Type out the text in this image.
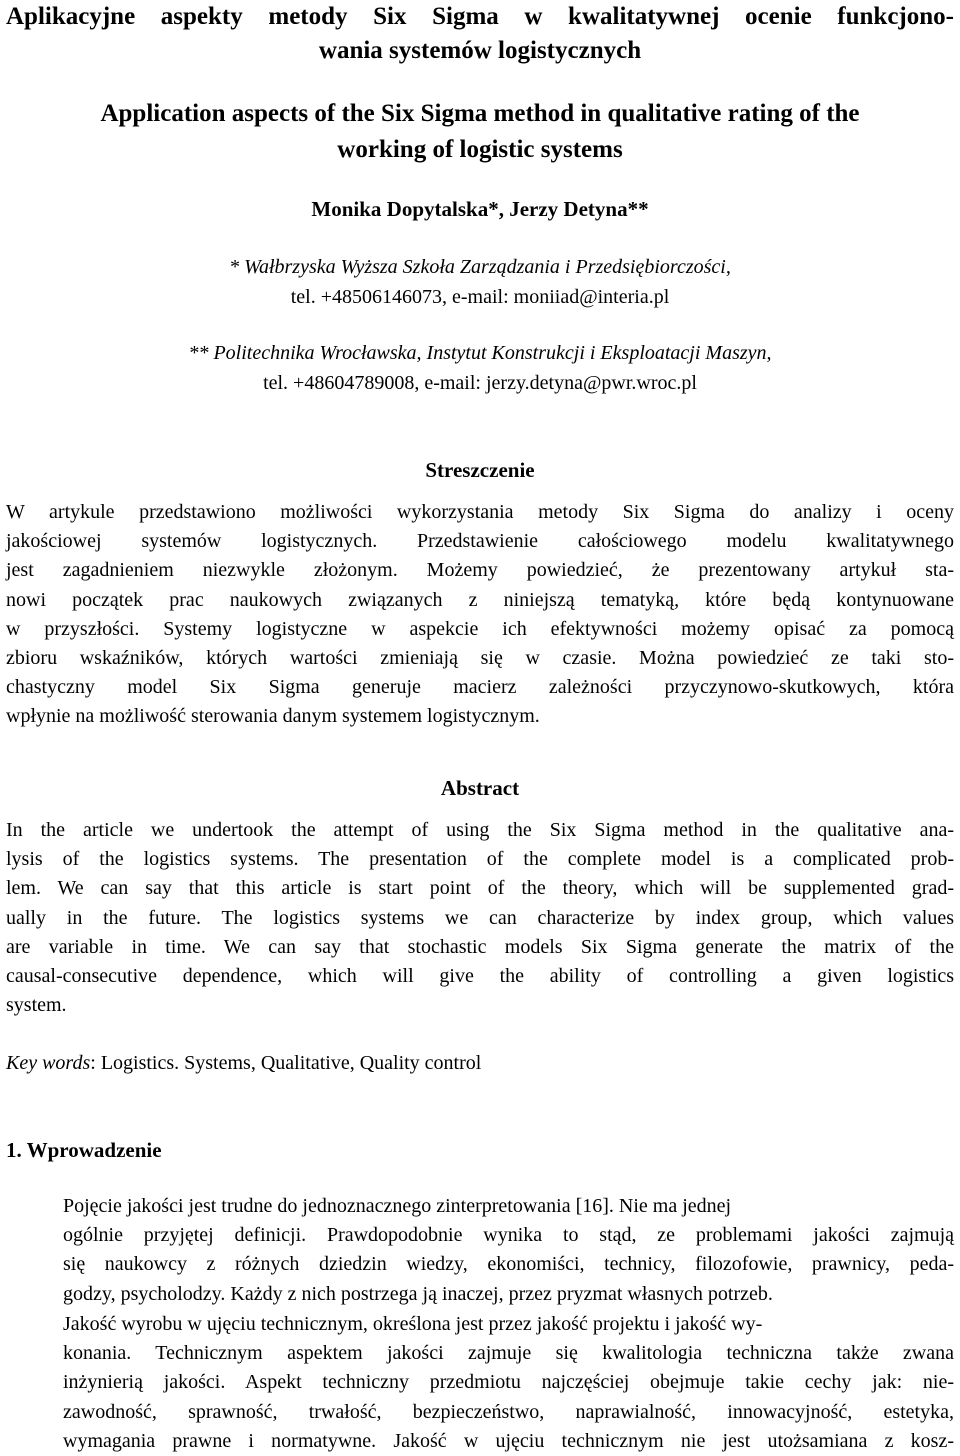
Aplikacyjne aspekty metody Six Sigma w kwalitatywnej ocenie funkcjono-
wania systemów logistycznych
Application aspects of the Six Sigma method in qualitative rating of the
working of logistic systems
Monika Dopytalska*, Jerzy Detyna**
* Wałbrzyska Wyższa Szkoła Zarządzania i Przedsiębiorczości,
tel. +48506146073, e-mail: moniiad@interia.pl
** Politechnika Wrocławska, Instytut Konstrukcji i Eksploatacji Maszyn,
tel. +48604789008, e-mail: jerzy.detyna@pwr.wroc.pl
Streszczenie

W artykule przedstawiono możliwości wykorzystania metody Six Sigma do analizy i oceny
jakościowej systemów logistycznych. Przedstawienie całościowego modelu kwalitatywnego
jest zagadnieniem niezwykle złożonym. Możemy powiedzieć, że prezentowany artykuł sta-
nowi początek prac naukowych związanych z niniejszą tematyką, które będą kontynuowane
w przyszłości. Systemy logistyczne w aspekcie ich efektywności możemy opisać za pomocą
zbioru wskaźników, których wartości zmieniają się w czasie. Można powiedzieć ze taki sto-
chastyczny model Six Sigma generuje macierz zależności przyczynowo-skutkowych, która
wpłynie na możliwość sterowania danym systemem logistycznym.

Abstract

In the article we undertook the attempt of using the Six Sigma method in the qualitative ana-
lysis of the logistics systems. The presentation of the complete model is a complicated prob-
lem. We can say that this article is start point of the theory, which will be supplemented grad-
ually in the future. The logistics systems we can characterize by index group, which values
are variable in time. We can say that stochastic models Six Sigma generate the matrix of the
causal-consecutive dependence, which will give the ability of controlling a given logistics
system.

Key words: Logistics. Systems, Qualitative, Quality control
1. Wprowadzenie

Pojęcie jakości jest trudne do jednoznacznego zinterpretowania [16]. Nie ma jednej
ogólnie przyjętej definicji. Prawdopodobnie wynika to stąd, ze problemami jakości zajmują
się naukowcy z różnych dziedzin wiedzy, ekonomiści, technicy, filozofowie, prawnicy, peda-
godzy, psycholodzy. Każdy z nich postrzega ją inaczej, przez pryzmat własnych potrzeb.

Jakość wyrobu w ujęciu technicznym, określona jest przez jakość projektu i jakość wy-
konania. Technicznym aspektem jakości zajmuje się kwalitologia techniczna także zwana
inżynierią jakości. Aspekt techniczny przedmiotu najczęściej obejmuje takie cechy jak: nie-
zawodność, sprawność, trwałość, bezpieczeństwo, naprawialność, innowacyjność, estetyka,
wymagania prawne i normatywne. Jakość w ujęciu technicznym nie jest utożsamiana z kosz-
